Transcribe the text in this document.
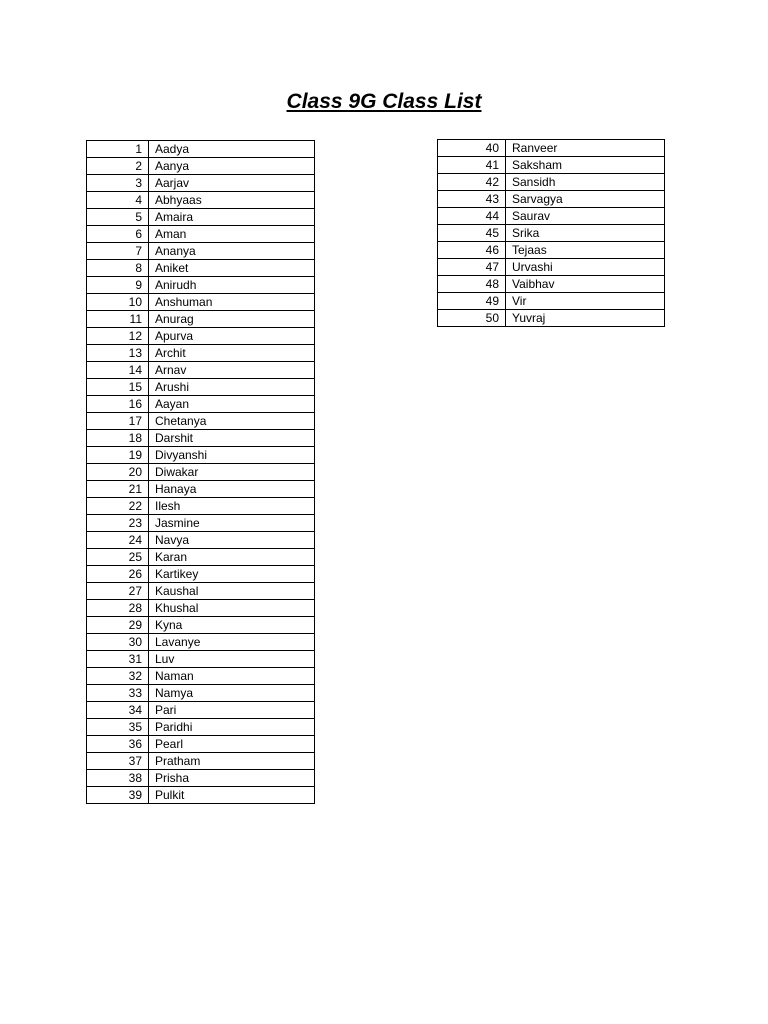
Class 9G Class List
1	Aadya
2	Aanya
3	Aarjav
4	Abhyaas
5	Amaira
6	Aman
7	Ananya
8	Aniket
9	Anirudh
10	Anshuman
11	Anurag
12	Apurva
13	Archit
14	Arnav
15	Arushi
16	Aayan
17	Chetanya
18	Darshit
19	Divyanshi
20	Diwakar
21	Hanaya
22	Ilesh
23	Jasmine
24	Navya
25	Karan
26	Kartikey
27	Kaushal
28	Khushal
29	Kyna
30	Lavanye
31	Luv
32	Naman
33	Namya
34	Pari
35	Paridhi
36	Pearl
37	Pratham
38	Prisha
39	Pulkit
40	Ranveer
41	Saksham
42	Sansidh
43	Sarvagya
44	Saurav
45	Srika
46	Tejaas
47	Urvashi
48	Vaibhav
49	Vir
50	Yuvraj
